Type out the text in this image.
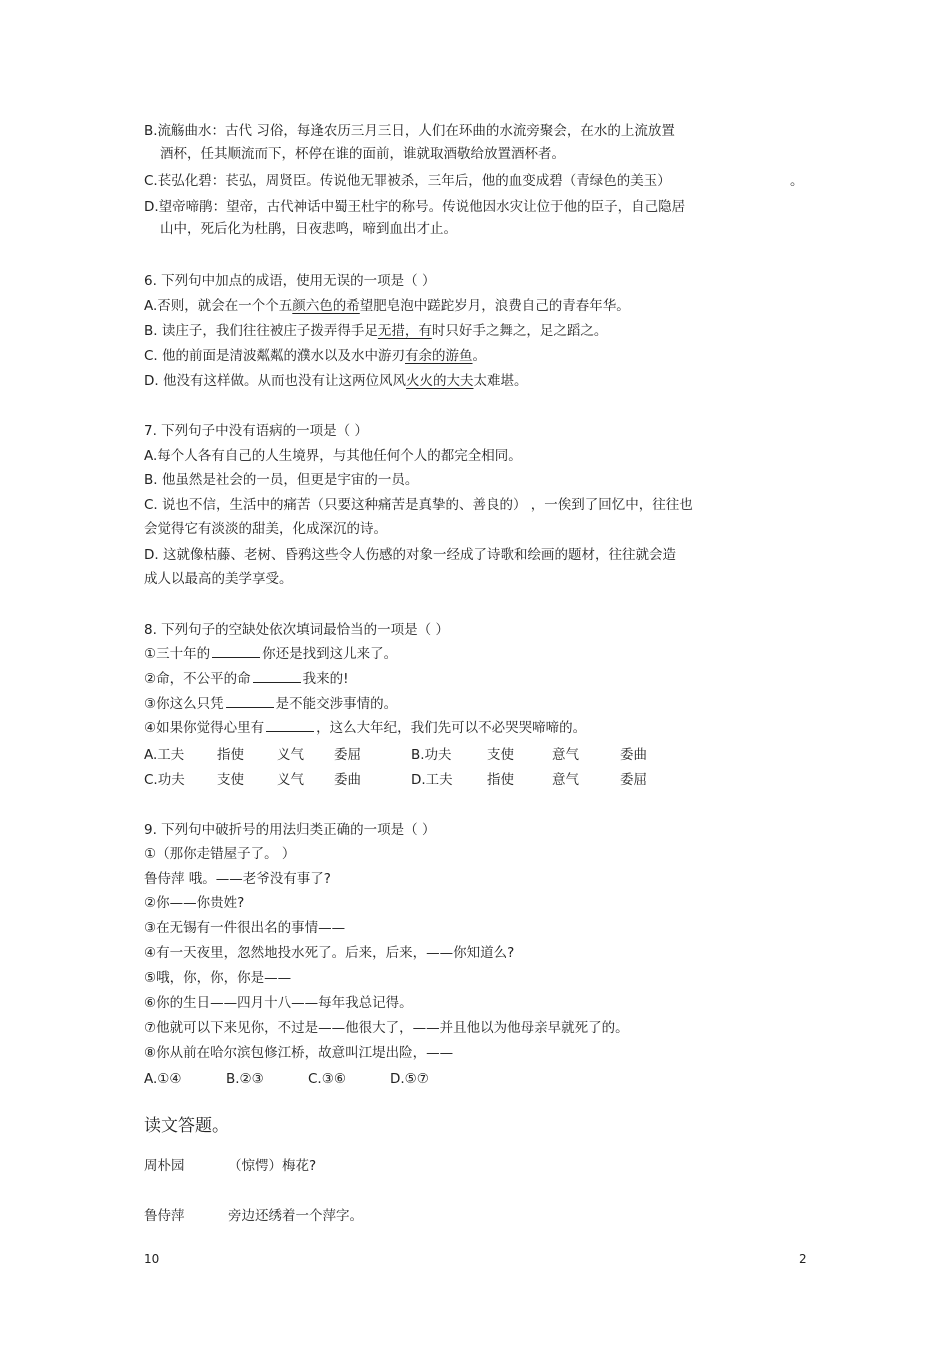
B.流觞曲水：古代 习俗，每逢农历三月三日，人们在环曲的水流旁聚会，在水的上流放置
酒杯，任其顺流而下，杯停在谁的面前，谁就取酒敬给放置酒杯者。
C.苌弘化碧：苌弘，周贤臣。传说他无罪被杀，三年后，他的血变成碧（青绿色的美玉）	。
D.望帝啼鹃：望帝，古代神话中蜀王杜宇的称号。传说他因水灾让位于他的臣子，自己隐居
山中，死后化为杜鹃，日夜悲鸣，啼到血出才止。
6. 下列句中加点的成语，使用无误的一项是（ ）
A.否则，就会在一个个五颜六色的希望肥皂泡中蹉跎岁月，浪费自己的青春年华。
B. 读庄子，我们往往被庄子拨弄得手足无措，有时只好手之舞之，足之蹈之。
C. 他的前面是清波粼粼的濮水以及水中游刃有余的游鱼。
D. 他没有这样做。从而也没有让这两位风风火火的大夫太难堪。
7. 下列句子中没有语病的一项是（ ）
A.每个人各有自己的人生境界，与其他任何个人的都完全相同。
B. 他虽然是社会的一员，但更是宇宙的一员。
C. 说也不信，生活中的痛苦（只要这种痛苦是真挚的、善良的） ，一俟到了回忆中，往往也
会觉得它有淡淡的甜美，化成深沉的诗。
D. 这就像枯藤、老树、昏鸦这些令人伤感的对象一经成了诗歌和绘画的题材，往往就会造
成人以最高的美学享受。
8. 下列句子的空缺处依次填词最恰当的一项是（ ）
①三十年的	你还是找到这儿来了。
②命，不公平的命	我来的!
③你这么只凭	是不能交涉事情的。
④如果你觉得心里有	，这么大年纪，我们先可以不必哭哭啼啼的。
A.工夫 指使 义气 委屈	B.功夫	支使	意气	委曲
C.功夫 支使 义气 委曲	D.工夫	指使	意气	委屈
9. 下列句中破折号的用法归类正确的一项是（ ）
①（那你走错屋子了。 ）
鲁侍萍 哦。——老爷没有事了?
②你——你贵姓?
③在无锡有一件很出名的事情——
④有一天夜里，忽然地投水死了。后来，后来，——你知道么?
⑤哦，你，你，你是——
⑥你的生日——四月十八——每年我总记得。
⑦他就可以下来见你，不过是——他很大了，——并且他以为他母亲早就死了的。
⑧你从前在哈尔滨包修江桥，故意叫江堤出险，——
A.①④	B.②③	C.③⑥	D.⑤⑦
读文答题。
周朴园	（惊愕）梅花?
鲁侍萍	旁边还绣着一个萍字。
10	2
